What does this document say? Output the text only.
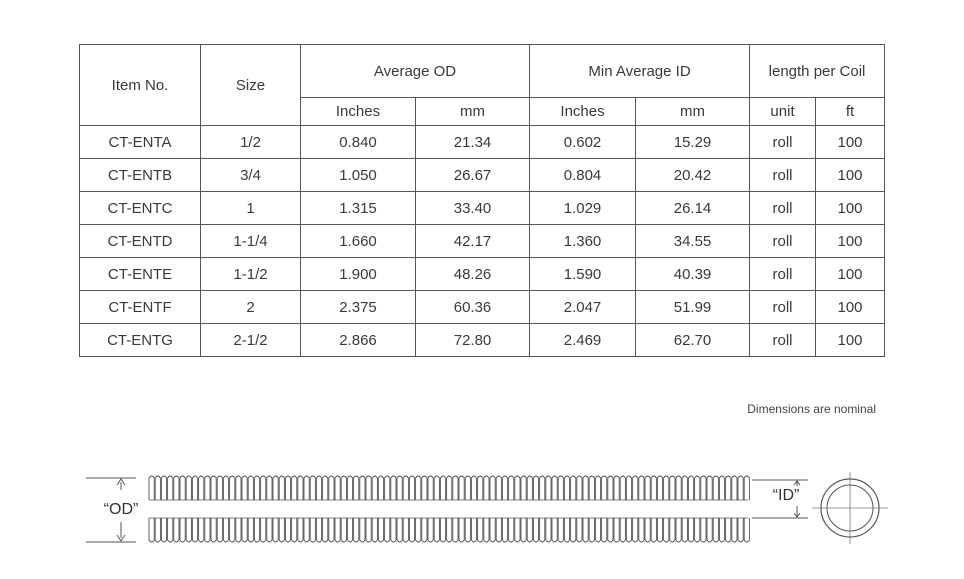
Item No.	Size	Average OD		Min Average ID		length per Coil	
		Inches	mm	Inches	mm	unit	ft
CT-ENTA	1/2	0.840	21.34	0.602	15.29	roll	100
CT-ENTB	3/4	1.050	26.67	0.804	20.42	roll	100
CT-ENTC	1	1.315	33.40	1.029	26.14	roll	100
CT-ENTD	1-1/4	1.660	42.17	1.360	34.55	roll	100
CT-ENTE	1-1/2	1.900	48.26	1.590	40.39	roll	100
CT-ENTF	2	2.375	60.36	2.047	51.99	roll	100
CT-ENTG	2-1/2	2.866	72.80	2.469	62.70	roll	100
Dimensions are nominal
“OD”
“ID”
